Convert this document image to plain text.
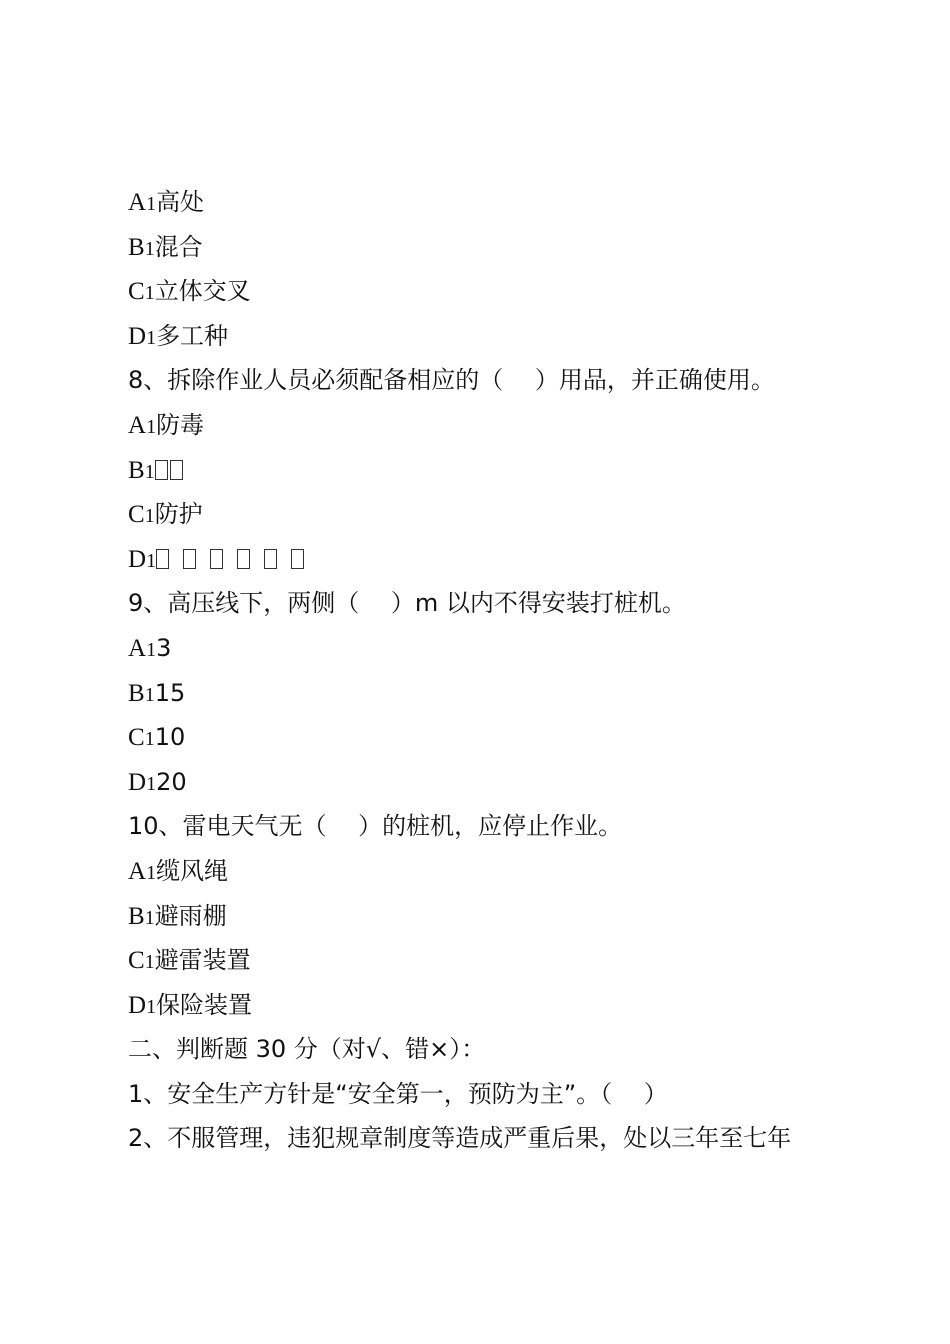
A1高处
B1混合
C1立体交叉
D1多工种
8、拆除作业人员必须配备相应的（　 ）用品，并正确使用。
A1防毒
B1
C1防护
D1
9、高压线下，两侧（　 ）m 以内不得安装打桩机。
A13
B115
C110
D120
10、雷电天气无（　 ）的桩机，应停止作业。
A1缆风绳
B1避雨棚
C1避雷装置
D1保险装置
二、判断题 30 分（对√、错×）：
1、安全生产方针是“安全第一，预防为主”。（　 ）
2、不服管理，违犯规章制度等造成严重后果，处以三年至七年
